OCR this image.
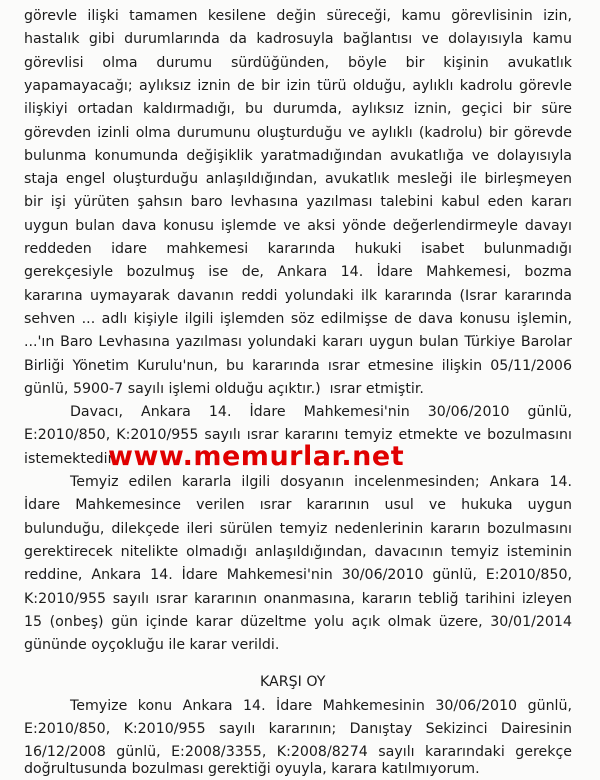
görevle ilişki tamamen kesilene değin süreceği, kamu görevlisinin izin,
hastalık gibi durumlarında da kadrosuyla bağlantısı ve dolayısıyla kamu
görevlisi olma durumu sürdüğünden, böyle bir kişinin avukatlık
yapamayacağı; aylıksız iznin de bir izin türü olduğu, aylıklı kadrolu görevle
ilişkiyi ortadan kaldırmadığı, bu durumda, aylıksız iznin, geçici bir süre
görevden izinli olma durumunu oluşturduğu ve aylıklı (kadrolu) bir görevde
bulunma konumunda değişiklik yaratmadığından avukatlığa ve dolayısıyla
staja engel oluşturduğu anlaşıldığından, avukatlık mesleği ile birleşmeyen
bir işi yürüten şahsın baro levhasına yazılması talebini kabul eden kararı
uygun bulan dava konusu işlemde ve aksi yönde değerlendirmeyle davayı
reddeden idare mahkemesi kararında hukuki isabet bulunmadığı
gerekçesiyle bozulmuş ise de, Ankara 14. İdare Mahkemesi, bozma
kararına uymayarak davanın reddi yolundaki ilk kararında (Israr kararında
sehven ... adlı kişiyle ilgili işlemden söz edilmişse de dava konusu işlemin,
...'ın Baro Levhasına yazılması yolundaki kararı uygun bulan Türkiye Barolar
Birliği Yönetim Kurulu'nun, bu kararında ısrar etmesine ilişkin 05/11/2006
günlü, 5900-7 sayılı işlemi olduğu açıktır.)  ısrar etmiştir.
Davacı, Ankara 14. İdare Mahkemesi'nin 30/06/2010 günlü,
E:2010/850, K:2010/955 sayılı ısrar kararını temyiz etmekte ve bozulmasını
istemektedir.
www.memurlar.net
Temyiz edilen kararla ilgili dosyanın incelenmesinden; Ankara 14.
İdare Mahkemesince verilen ısrar kararının usul ve hukuka uygun
bulunduğu, dilekçede ileri sürülen temyiz nedenlerinin kararın bozulmasını
gerektirecek nitelikte olmadığı anlaşıldığından, davacının temyiz isteminin
reddine, Ankara 14. İdare Mahkemesi'nin 30/06/2010 günlü, E:2010/850,
K:2010/955 sayılı ısrar kararının onanmasına, kararın tebliğ tarihini izleyen
15 (onbeş) gün içinde karar düzeltme yolu açık olmak üzere, 30/01/2014
gününde oyçokluğu ile karar verildi.
KARŞI OY
Temyize konu Ankara 14. İdare Mahkemesinin 30/06/2010 günlü,
E:2010/850, K:2010/955 sayılı kararının; Danıştay Sekizinci Dairesinin
16/12/2008 günlü, E:2008/3355, K:2008/8274 sayılı kararındaki gerekçe
doğrultusunda bozulması gerektiği oyuyla, karara katılmıyorum.
